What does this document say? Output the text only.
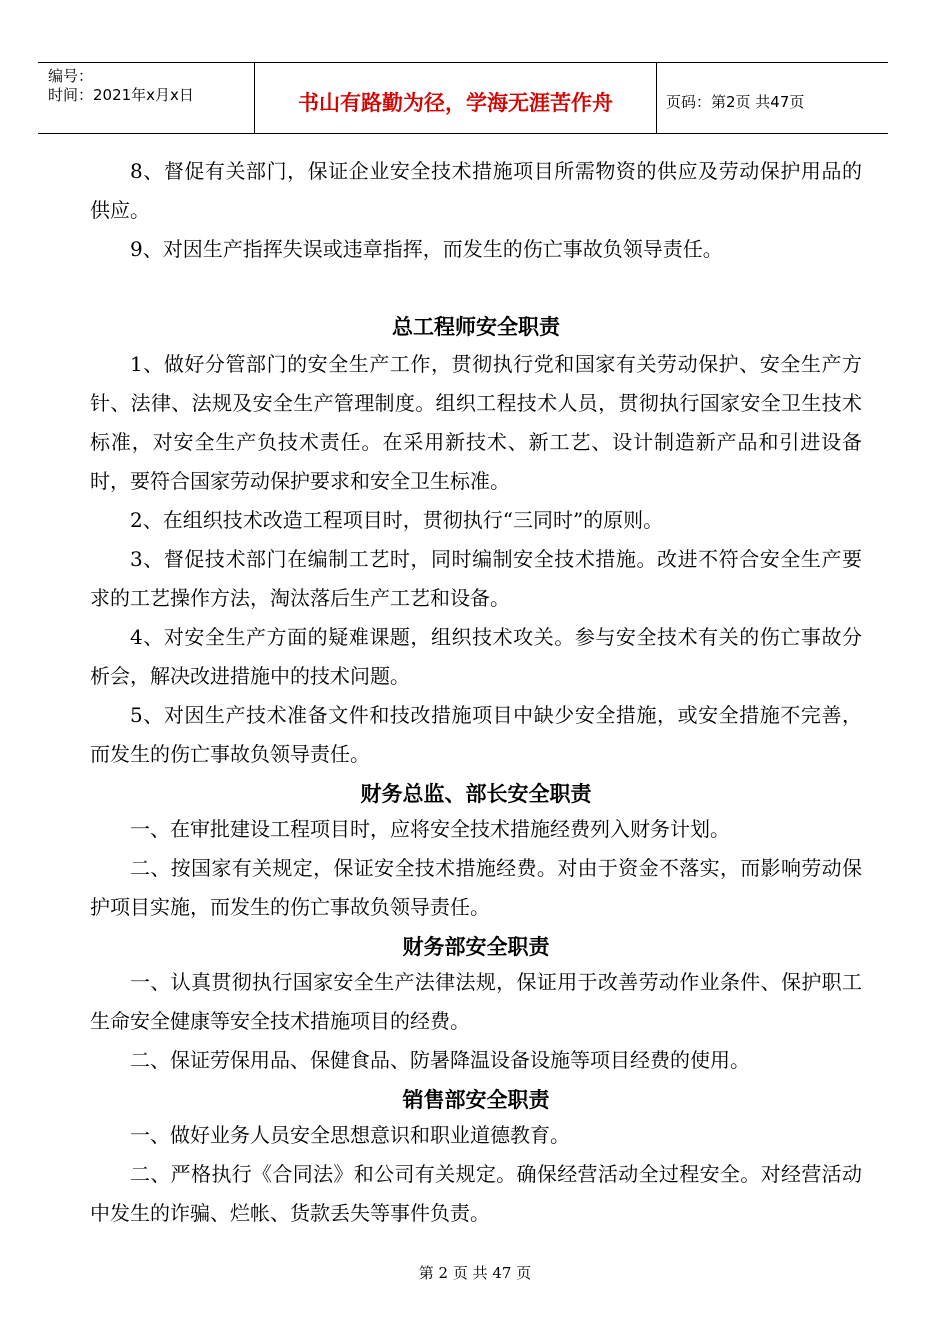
编号：
时间：2021年x月x日	书山有路勤为径，学海无涯苦作舟	页码：第2页 共47页

8、督促有关部门，保证企业安全技术措施项目所需物资的供应及劳动保护用品的供应。

9、对因生产指挥失误或违章指挥，而发生的伤亡事故负领导责任。

总工程师安全职责

1、做好分管部门的安全生产工作，贯彻执行党和国家有关劳动保护、安全生产方针、法律、法规及安全生产管理制度。组织工程技术人员，贯彻执行国家安全卫生技术标准，对安全生产负技术责任。在采用新技术、新工艺、设计制造新产品和引进设备时，要符合国家劳动保护要求和安全卫生标准。

2、在组织技术改造工程项目时，贯彻执行“三同时”的原则。

3、督促技术部门在编制工艺时，同时编制安全技术措施。改进不符合安全生产要求的工艺操作方法，淘汰落后生产工艺和设备。

4、对安全生产方面的疑难课题，组织技术攻关。参与安全技术有关的伤亡事故分析会，解决改进措施中的技术问题。

5、对因生产技术准备文件和技改措施项目中缺少安全措施，或安全措施不完善，而发生的伤亡事故负领导责任。

财务总监、部长安全职责

一、在审批建设工程项目时，应将安全技术措施经费列入财务计划。

二、按国家有关规定，保证安全技术措施经费。对由于资金不落实，而影响劳动保护项目实施，而发生的伤亡事故负领导责任。

财务部安全职责

一、认真贯彻执行国家安全生产法律法规，保证用于改善劳动作业条件、保护职工生命安全健康等安全技术措施项目的经费。

二、保证劳保用品、保健食品、防暑降温设备设施等项目经费的使用。

销售部安全职责

一、做好业务人员安全思想意识和职业道德教育。

二、严格执行《合同法》和公司有关规定。确保经营活动全过程安全。对经营活动中发生的诈骗、烂帐、货款丢失等事件负责。

第 2 页 共 47 页
